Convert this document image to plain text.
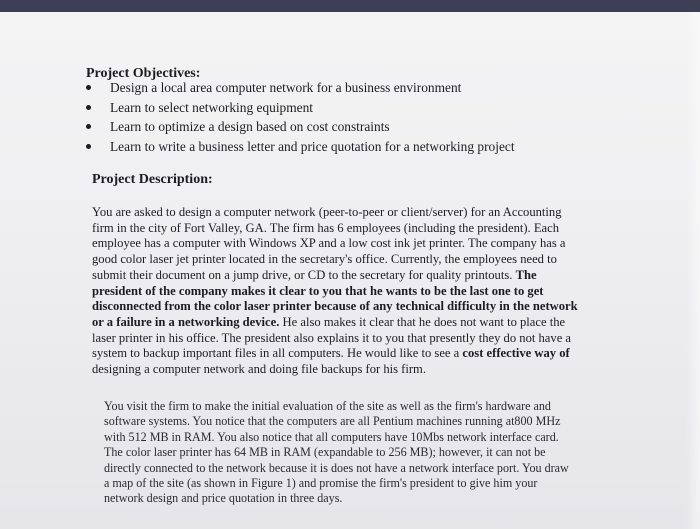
Project Objectives:
Design a local area computer network for a business environment
Learn to select networking equipment
Learn to optimize a design based on cost constraints
Learn to write a business letter and price quotation for a networking project
Project Description:

You are asked to design a computer network (peer-to-peer or client/server) for an Accounting
firm in the city of Fort Valley, GA. The firm has 6 employees (including the president). Each
employee has a computer with Windows XP and a low cost ink jet printer. The company has a
good color laser jet printer located in the secretary's office. Currently, the employees need to
submit their document on a jump drive, or CD to the secretary for quality printouts. The
president of the company makes it clear to you that he wants to be the last one to get
disconnected from the color laser printer because of any technical difficulty in the network
or a failure in a networking device. He also makes it clear that he does not want to place the
laser printer in his office. The president also explains it to you that presently they do not have a
system to backup important files in all computers. He would like to see a cost effective way of
designing a computer network and doing file backups for his firm.

You visit the firm to make the initial evaluation of the site as well as the firm's hardware and
software systems. You notice that the computers are all Pentium machines running at800 MHz
with 512 MB in RAM. You also notice that all computers have 10Mbs network interface card.
The color laser printer has 64 MB in RAM (expandable to 256 MB); however, it can not be
directly connected to the network because it is does not have a network interface port. You draw
a map of the site (as shown in Figure 1) and promise the firm's president to give him your
network design and price quotation in three days.
